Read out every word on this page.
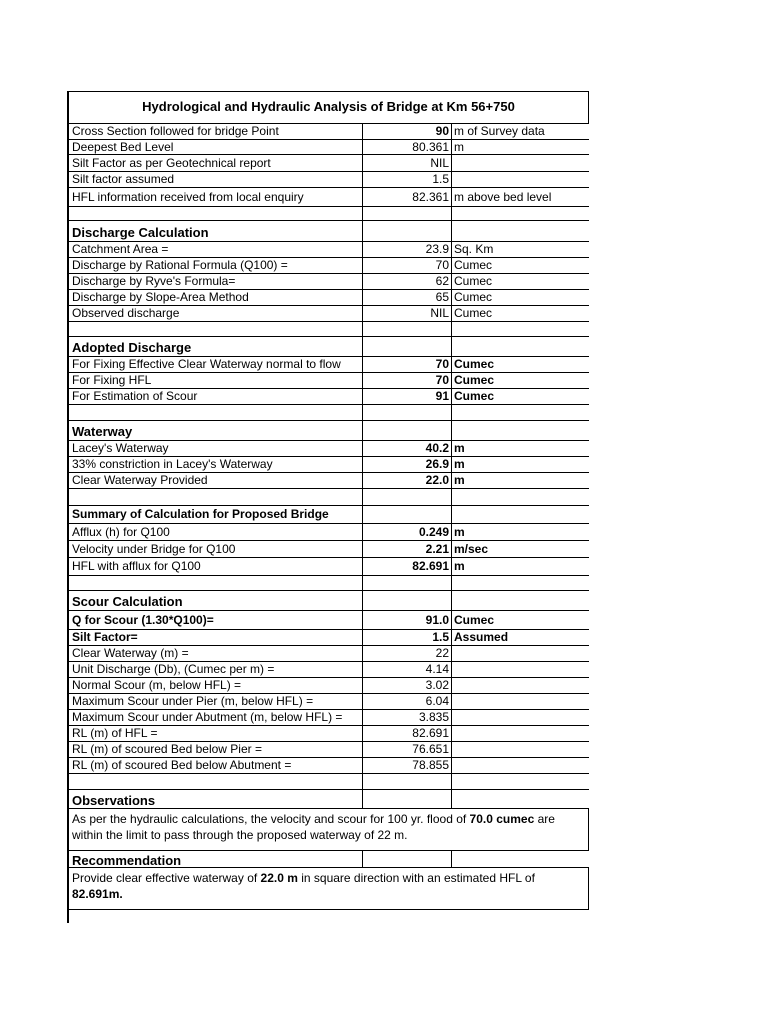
Hydrological and Hydraulic Analysis of Bridge at Km 56+750
Cross Section followed for bridge Point	90 m of Survey data
Deepest Bed Level	80.361 m
Silt Factor as per Geotechnical report	NIL
Silt factor assumed	1.5
HFL information received from local enquiry	82.361 m above bed level
Discharge Calculation
Catchment Area =	23.9 Sq. Km
Discharge by Rational Formula (Q100) =	70 Cumec
Discharge by Ryve's Formula=	62 Cumec
Discharge by Slope-Area Method	65 Cumec
Observed discharge	NIL Cumec
Adopted Discharge
For Fixing Effective Clear Waterway normal to flow	70 Cumec
For Fixing HFL	70 Cumec
For Estimation of Scour	91 Cumec
Waterway
Lacey's Waterway	40.2 m
33% constriction in Lacey's Waterway	26.9 m
Clear Waterway Provided	22.0 m
Summary of Calculation for Proposed Bridge
Afflux (h) for Q100	0.249 m
Velocity under Bridge for Q100	2.21 m/sec
HFL with afflux for Q100	82.691 m
Scour Calculation
Q for Scour (1.30*Q100)=	91.0 Cumec
Silt Factor=	1.5 Assumed
Clear Waterway (m) =	22
Unit Discharge (Db), (Cumec per m) =	4.14
Normal Scour (m, below HFL) =	3.02
Maximum Scour under Pier (m, below HFL) =	6.04
Maximum Scour under Abutment (m, below HFL) =	3.835
RL (m) of HFL =	82.691
RL (m) of scoured Bed below Pier =	76.651
RL (m) of scoured Bed below Abutment =	78.855
Observations
As per the hydraulic calculations, the velocity and scour for 100 yr. flood of 70.0 cumec are within the limit to pass through the proposed waterway of 22 m.
Recommendation
Provide clear effective waterway of 22.0 m in square direction with an estimated HFL of 82.691m.
